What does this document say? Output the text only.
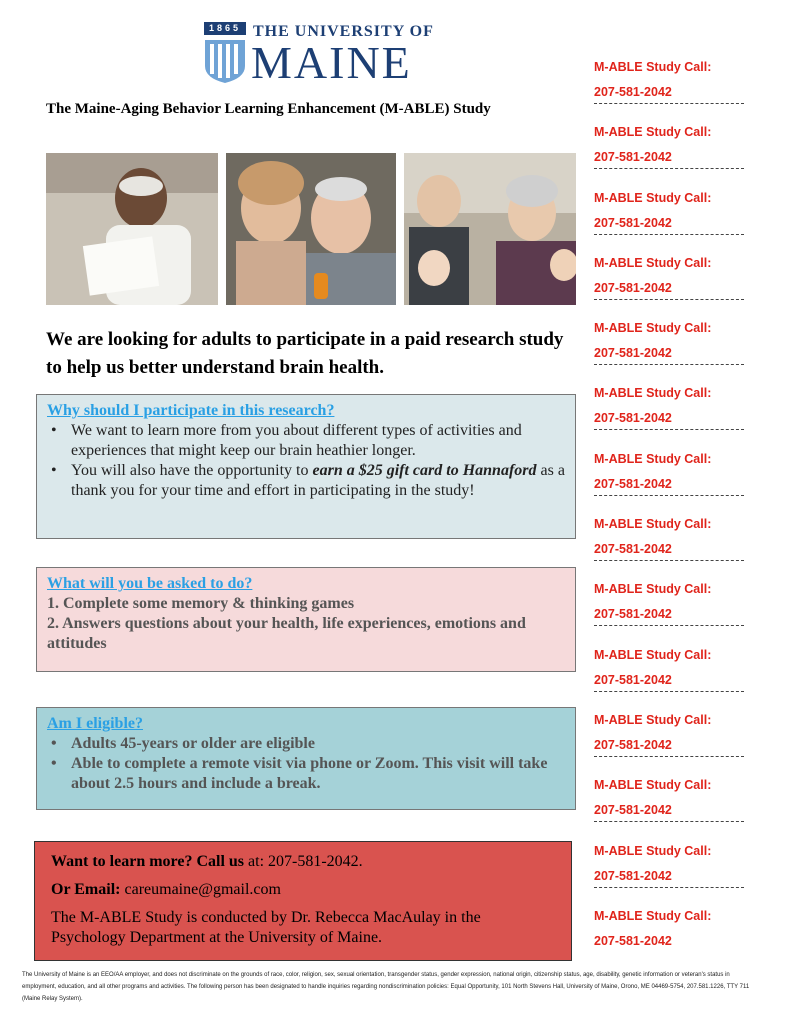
1865 THE UNIVERSITY OF
MAINE
The Maine-Aging Behavior Learning Enhancement (M-ABLE) Study
We are looking for adults to participate in a paid research study to help us better understand brain health.
Why should I participate in this research?
• We want to learn more from you about different types of activities and experiences that might keep our brain heathier longer.
• You will also have the opportunity to earn a $25 gift card to Hannaford as a thank you for your time and effort in participating in the study!
What will you be asked to do?

1. Complete some memory & thinking games

2. Answers questions about your health, life experiences, emotions and attitudes

Am I eligible?
• Adults 45-years or older are eligible
• Able to complete a remote visit via phone or Zoom. This visit will take about 2.5 hours and include a break.

Want to learn more? Call us at: 207-581-2042.

Or Email: careumaine@gmail.com

The M-ABLE Study is conducted by Dr. Rebecca MacAulay in the Psychology Department at the University of Maine.

The University of Maine is an EEO/AA employer, and does not discriminate on the grounds of race, color, religion, sex, sexual orientation, transgender status, gender expression, national origin, citizenship status, age, disability, genetic information or veteran's status in employment, education, and all other programs and activities. The following person has been designated to handle inquiries regarding nondiscrimination policies: Equal Opportunity, 101 North Stevens Hall, University of Maine, Orono, ME 04469-5754, 207.581.1226, TTY 711 (Maine Relay System).
M-ABLE Study Call:
207-581-2042
M-ABLE Study Call:
207-581-2042
M-ABLE Study Call:
207-581-2042
M-ABLE Study Call:
207-581-2042
M-ABLE Study Call:
207-581-2042
M-ABLE Study Call:
207-581-2042
M-ABLE Study Call:
207-581-2042
M-ABLE Study Call:
207-581-2042
M-ABLE Study Call:
207-581-2042
M-ABLE Study Call:
207-581-2042
M-ABLE Study Call:
207-581-2042
M-ABLE Study Call:
207-581-2042
M-ABLE Study Call:
207-581-2042
M-ABLE Study Call:
207-581-2042
